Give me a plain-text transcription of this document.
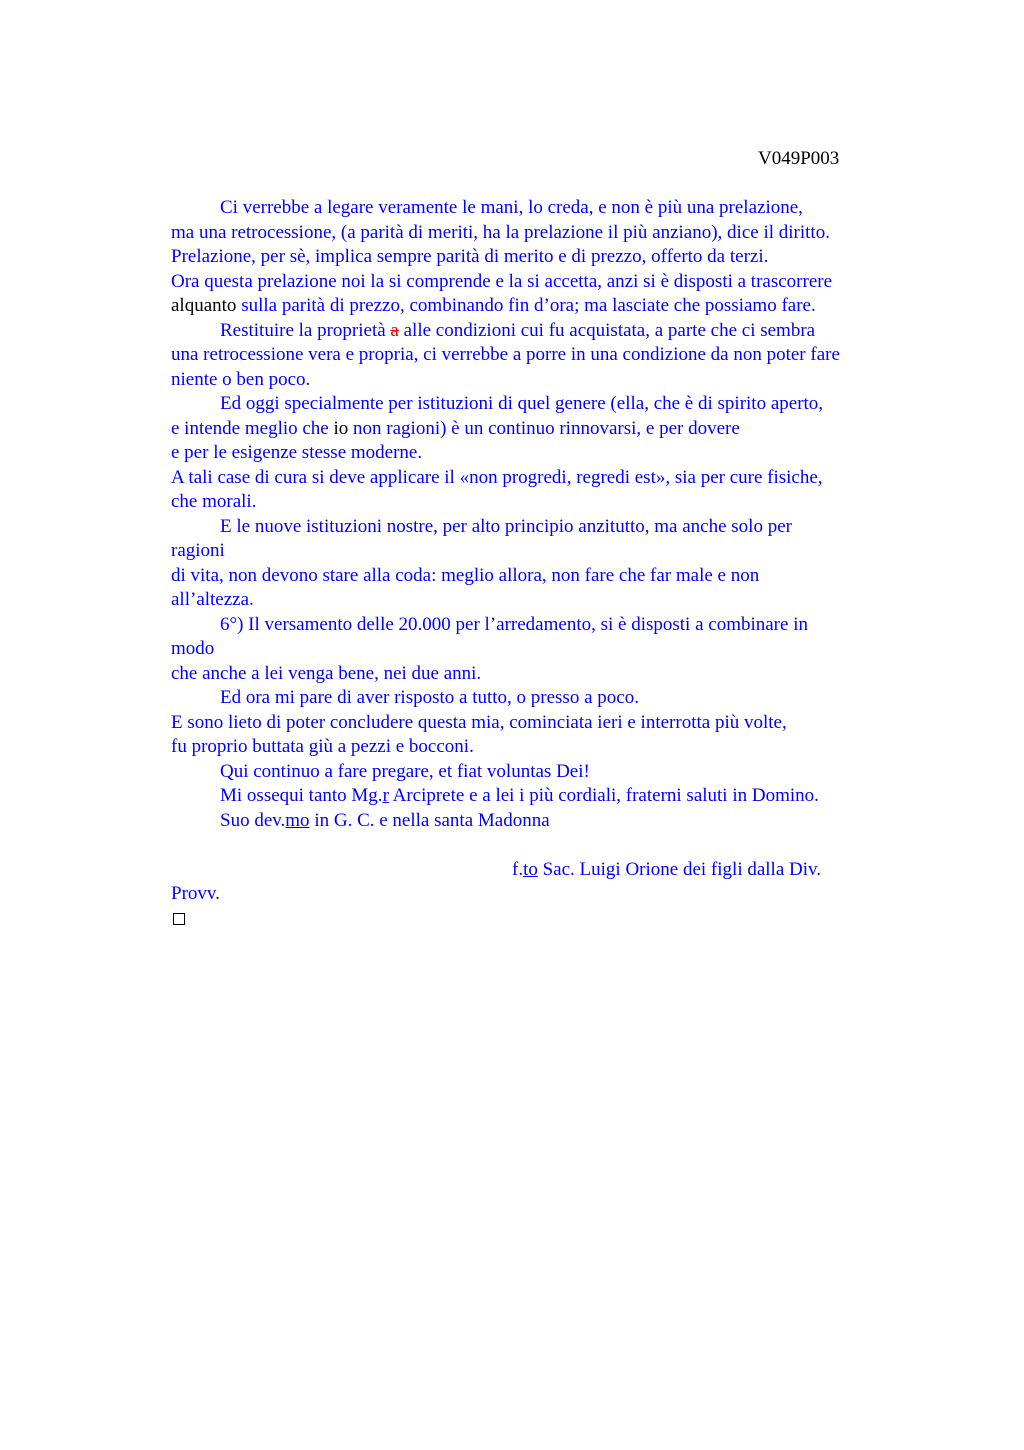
V049P003
Ci verrebbe a legare veramente le mani, lo creda, e non è più una prelazione,
ma una retrocessione, (a parità di meriti, ha la prelazione il più anziano), dice il diritto.
Prelazione, per sè, implica sempre parità di merito e di prezzo, offerto da terzi.
Ora questa prelazione noi la si comprende e la si accetta, anzi si è disposti a trascorrere
alquanto sulla parità di prezzo, combinando fin d’ora; ma lasciate che possiamo fare.
Restituire la proprietà a alle condizioni cui fu acquistata, a parte che ci sembra
una retrocessione vera e propria, ci verrebbe a porre in una condizione da non poter fare
niente o ben poco.
Ed oggi specialmente per istituzioni di quel genere (ella, che è di spirito aperto,
e intende meglio che io non ragioni) è un continuo rinnovarsi, e per dovere
e per le esigenze stesse moderne.
A tali case di cura si deve applicare il «non progredi, regredi est», sia per cure fisiche,
che morali.
E le nuove istituzioni nostre, per alto principio anzitutto, ma anche solo per
ragioni
di vita, non devono stare alla coda: meglio allora, non fare che far male e non
all’altezza.
6°) Il versamento delle 20.000 per l’arredamento, si è disposti a combinare in
modo
che anche a lei venga bene, nei due anni.
Ed ora mi pare di aver risposto a tutto, o presso a poco.
E sono lieto di poter concludere questa mia, cominciata ieri e interrotta più volte,
fu proprio buttata giù a pezzi e bocconi.
Qui continuo a fare pregare, et fiat voluntas Dei!
Mi ossequi tanto Mg.r Arciprete e a lei i più cordiali, fraterni saluti in Domino.
Suo dev.mo in G. C. e nella santa Madonna
f.to Sac. Luigi Orione dei figli dalla Div.
Provv.
